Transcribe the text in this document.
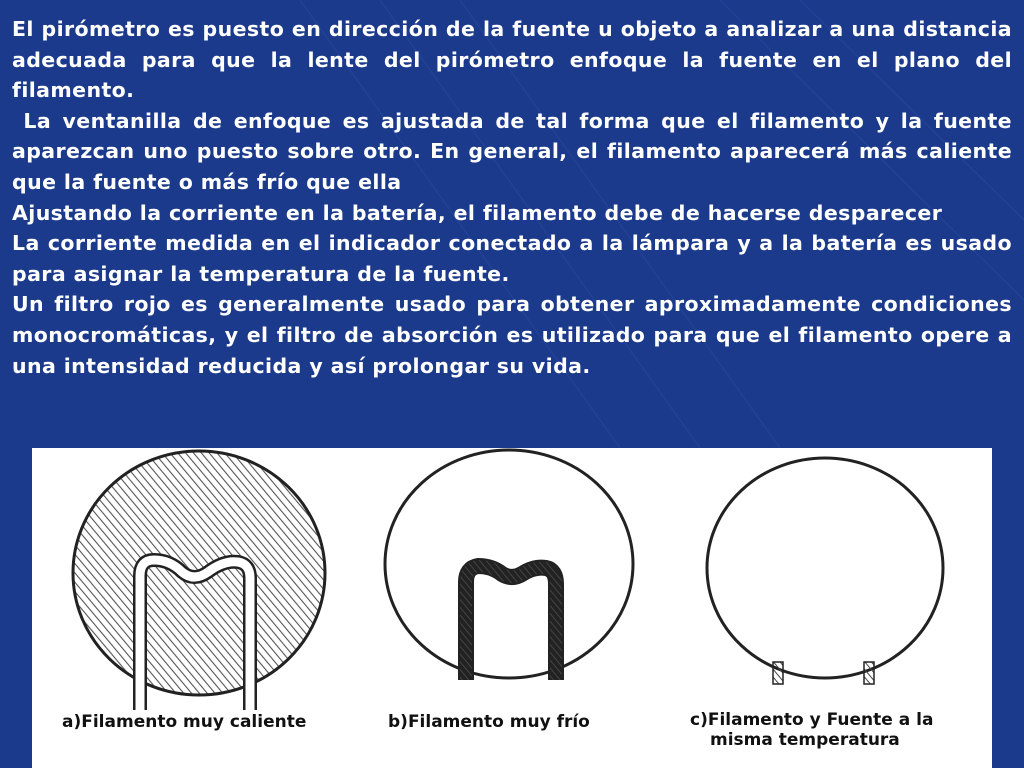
El pirómetro es puesto en dirección de la fuente u objeto a analizar a una distancia adecuada para que la lente del pirómetro enfoque la fuente en el plano del filamento.

La ventanilla de enfoque es ajustada de tal forma que el filamento y la fuente aparezcan uno puesto sobre otro. En general, el filamento aparecerá más caliente que la fuente o más frío que ella

Ajustando la corriente en la batería, el filamento debe de hacerse desparecer

La corriente medida en el indicador conectado a la lámpara y a la batería es usado para asignar la temperatura de la fuente.

Un filtro rojo es generalmente usado para obtener aproximadamente condiciones monocromáticas, y el filtro de absorción es utilizado para que el filamento opere a una intensidad reducida y así prolongar su vida.

a)Filamento muy caliente	b)Filamento muy frío	c)Filamento y Fuente a la
misma temperatura
